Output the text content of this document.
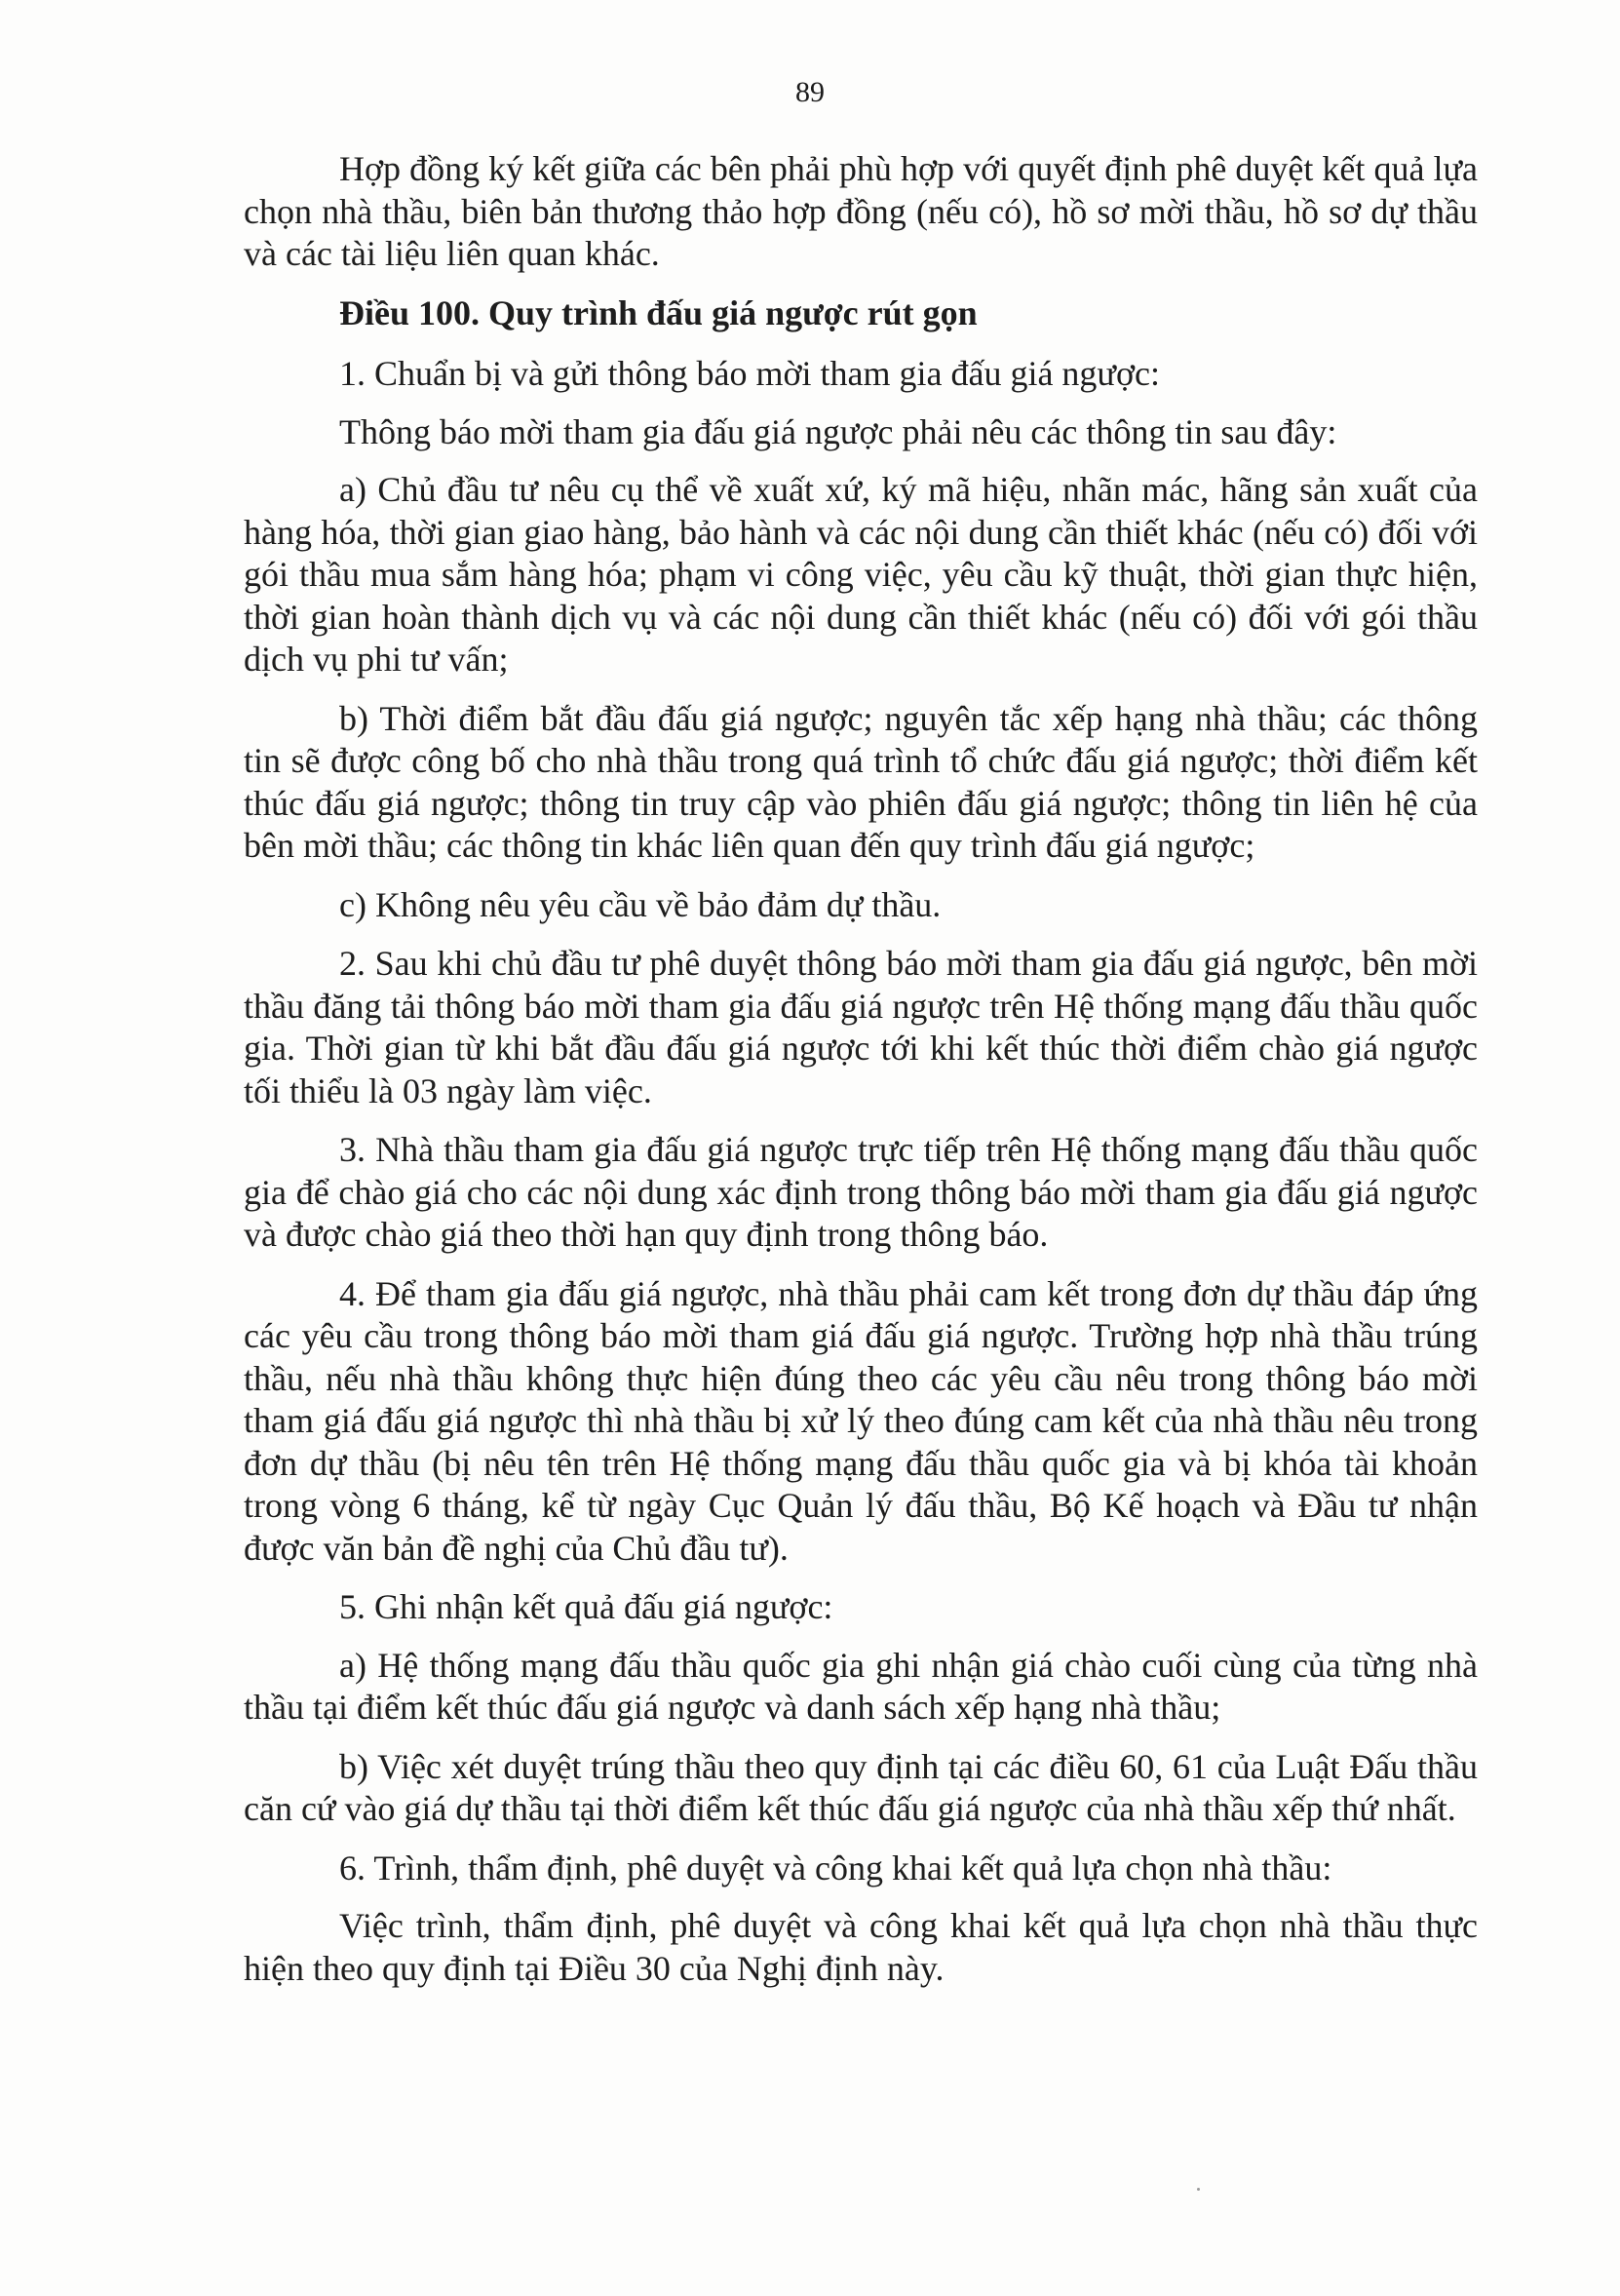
89

Hợp đồng ký kết giữa các bên phải phù hợp với quyết định phê duyệt kết quả lựa chọn nhà thầu, biên bản thương thảo hợp đồng (nếu có), hồ sơ mời thầu, hồ sơ dự thầu và các tài liệu liên quan khác.

Điều 100. Quy trình đấu giá ngược rút gọn

1. Chuẩn bị và gửi thông báo mời tham gia đấu giá ngược:

Thông báo mời tham gia đấu giá ngược phải nêu các thông tin sau đây:

a) Chủ đầu tư nêu cụ thể về xuất xứ, ký mã hiệu, nhãn mác, hãng sản xuất của hàng hóa, thời gian giao hàng, bảo hành và các nội dung cần thiết khác (nếu có) đối với gói thầu mua sắm hàng hóa; phạm vi công việc, yêu cầu kỹ thuật, thời gian thực hiện, thời gian hoàn thành dịch vụ và các nội dung cần thiết khác (nếu có) đối với gói thầu dịch vụ phi tư vấn;

b) Thời điểm bắt đầu đấu giá ngược; nguyên tắc xếp hạng nhà thầu; các thông tin sẽ được công bố cho nhà thầu trong quá trình tổ chức đấu giá ngược; thời điểm kết thúc đấu giá ngược; thông tin truy cập vào phiên đấu giá ngược; thông tin liên hệ của bên mời thầu; các thông tin khác liên quan đến quy trình đấu giá ngược;

c) Không nêu yêu cầu về bảo đảm dự thầu.

2. Sau khi chủ đầu tư phê duyệt thông báo mời tham gia đấu giá ngược, bên mời thầu đăng tải thông báo mời tham gia đấu giá ngược trên Hệ thống mạng đấu thầu quốc gia. Thời gian từ khi bắt đầu đấu giá ngược tới khi kết thúc thời điểm chào giá ngược tối thiểu là 03 ngày làm việc.

3. Nhà thầu tham gia đấu giá ngược trực tiếp trên Hệ thống mạng đấu thầu quốc gia để chào giá cho các nội dung xác định trong thông báo mời tham gia đấu giá ngược và được chào giá theo thời hạn quy định trong thông báo.

4. Để tham gia đấu giá ngược, nhà thầu phải cam kết trong đơn dự thầu đáp ứng các yêu cầu trong thông báo mời tham giá đấu giá ngược. Trường hợp nhà thầu trúng thầu, nếu nhà thầu không thực hiện đúng theo các yêu cầu nêu trong thông báo mời tham giá đấu giá ngược thì nhà thầu bị xử lý theo đúng cam kết của nhà thầu nêu trong đơn dự thầu (bị nêu tên trên Hệ thống mạng đấu thầu quốc gia và bị khóa tài khoản trong vòng 6 tháng, kể từ ngày Cục Quản lý đấu thầu, Bộ Kế hoạch và Đầu tư nhận được văn bản đề nghị của Chủ đầu tư).

5. Ghi nhận kết quả đấu giá ngược:

a) Hệ thống mạng đấu thầu quốc gia ghi nhận giá chào cuối cùng của từng nhà thầu tại điểm kết thúc đấu giá ngược và danh sách xếp hạng nhà thầu;

b) Việc xét duyệt trúng thầu theo quy định tại các điều 60, 61 của Luật Đấu thầu căn cứ vào giá dự thầu tại thời điểm kết thúc đấu giá ngược của nhà thầu xếp thứ nhất.

6. Trình, thẩm định, phê duyệt và công khai kết quả lựa chọn nhà thầu:

Việc trình, thẩm định, phê duyệt và công khai kết quả lựa chọn nhà thầu thực hiện theo quy định tại Điều 30 của Nghị định này.
